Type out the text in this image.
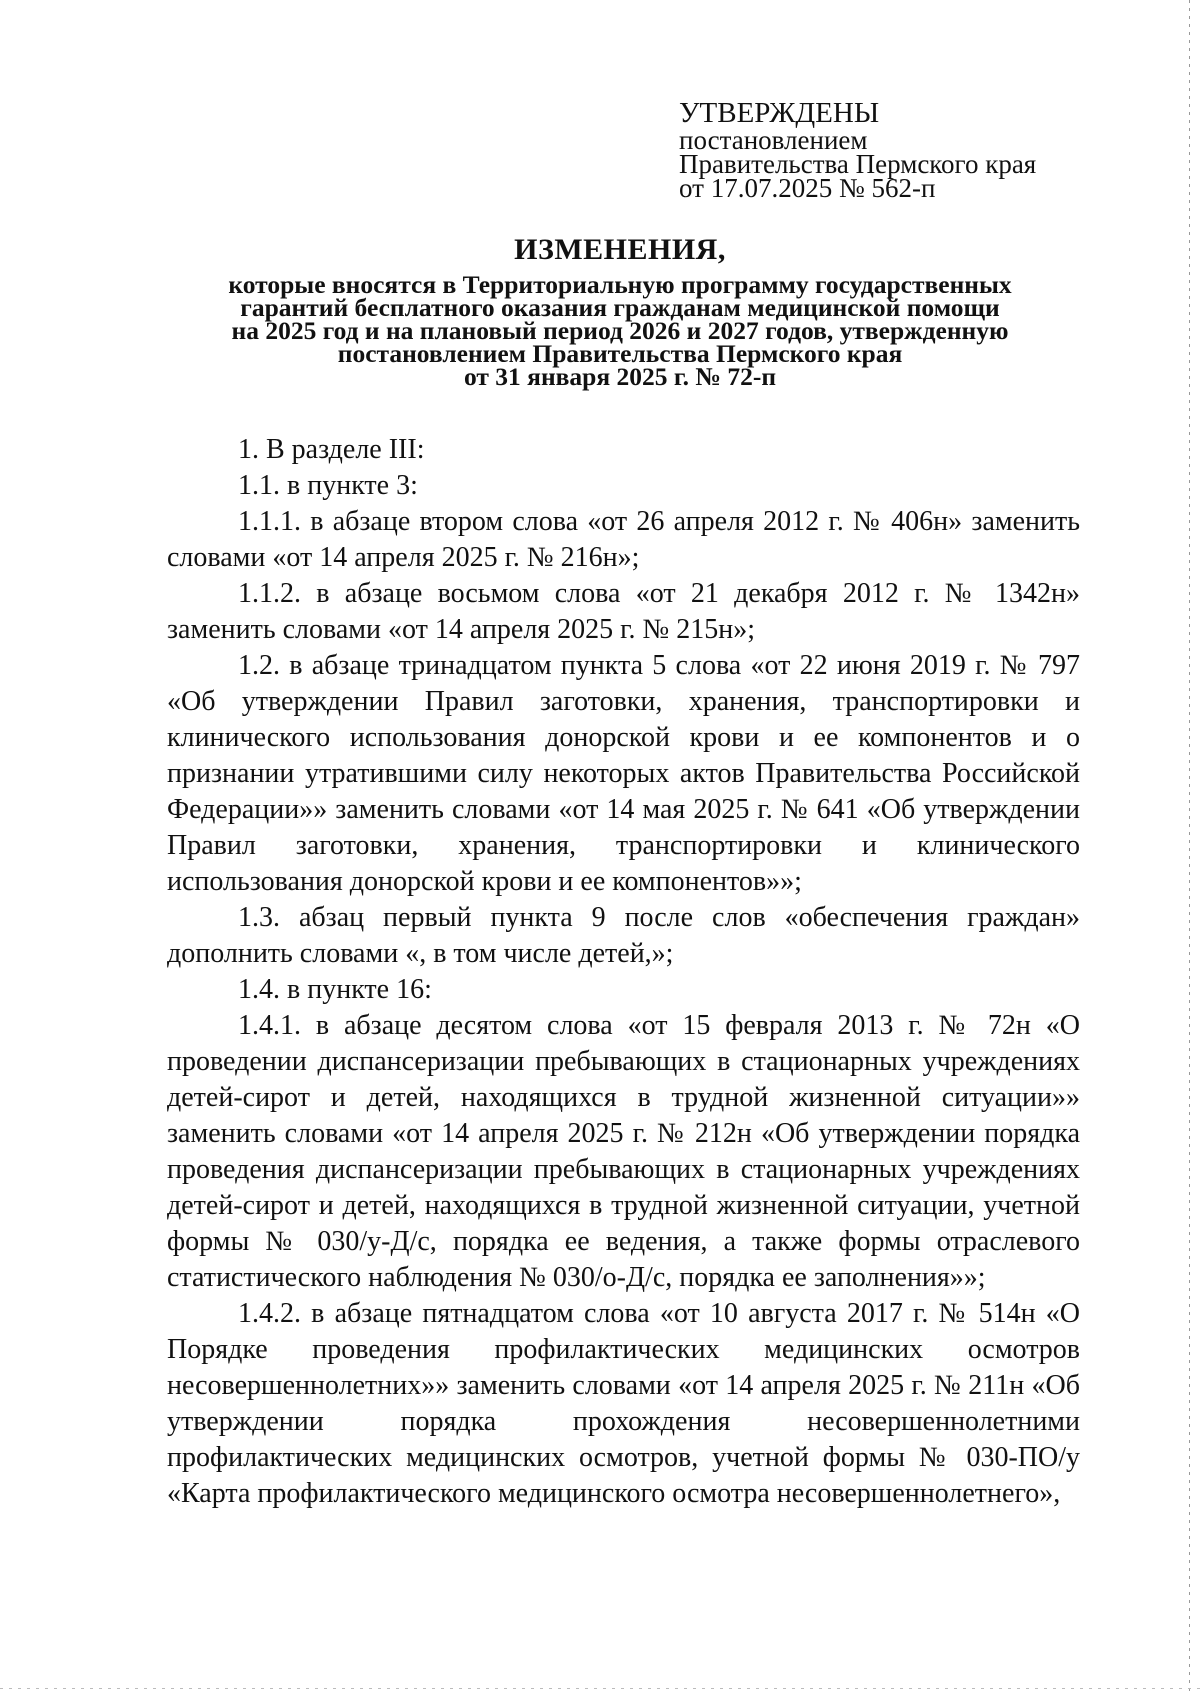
УТВЕРЖДЕНЫ
постановлением
Правительства Пермского края
от 17.07.2025 № 562-п
ИЗМЕНЕНИЯ,
которые вносятся в Территориальную программу государственных
гарантий бесплатного оказания гражданам медицинской помощи
на 2025 год и на плановый период 2026 и 2027 годов, утвержденную
постановлением Правительства Пермского края
от 31 января 2025 г. № 72-п

1. В разделе III:

1.1. в пункте 3:

1.1.1. в абзаце втором слова «от 26 апреля 2012 г. № 406н» заменить словами «от 14 апреля 2025 г. № 216н»;

1.1.2. в абзаце восьмом слова «от 21 декабря 2012 г. № 1342н» заменить словами «от 14 апреля 2025 г. № 215н»;

1.2. в абзаце тринадцатом пункта 5 слова «от 22 июня 2019 г. № 797 «Об утверждении Правил заготовки, хранения, транспортировки и клинического использования донорской крови и ее компонентов и о признании утратившими силу некоторых актов Правительства Российской Федерации»» заменить словами «от 14 мая 2025 г. № 641 «Об утверждении Правил заготовки, хранения, транспортировки и клинического использования донорской крови и ее компонентов»»;

1.3. абзац первый пункта 9 после слов «обеспечения граждан» дополнить словами «, в том числе детей,»;

1.4. в пункте 16:

1.4.1. в абзаце десятом слова «от 15 февраля 2013 г. № 72н «О проведении диспансеризации пребывающих в стационарных учреждениях детей-сирот и детей, находящихся в трудной жизненной ситуации»» заменить словами «от 14 апреля 2025 г. № 212н «Об утверждении порядка проведения диспансеризации пребывающих в стационарных учреждениях детей-сирот и детей, находящихся в трудной жизненной ситуации, учетной формы № 030/у-Д/с, порядка ее ведения, а также формы отраслевого статистического наблюдения № 030/о-Д/с, порядка ее заполнения»»;

1.4.2. в абзаце пятнадцатом слова «от 10 августа 2017 г. № 514н «О Порядке проведения профилактических медицинских осмотров несовершеннолетних»» заменить словами «от 14 апреля 2025 г. № 211н «Об утверждении порядка прохождения несовершеннолетними профилактических медицинских осмотров, учетной формы № 030-ПО/у «Карта профилактического медицинского осмотра несовершеннолетнего»,
